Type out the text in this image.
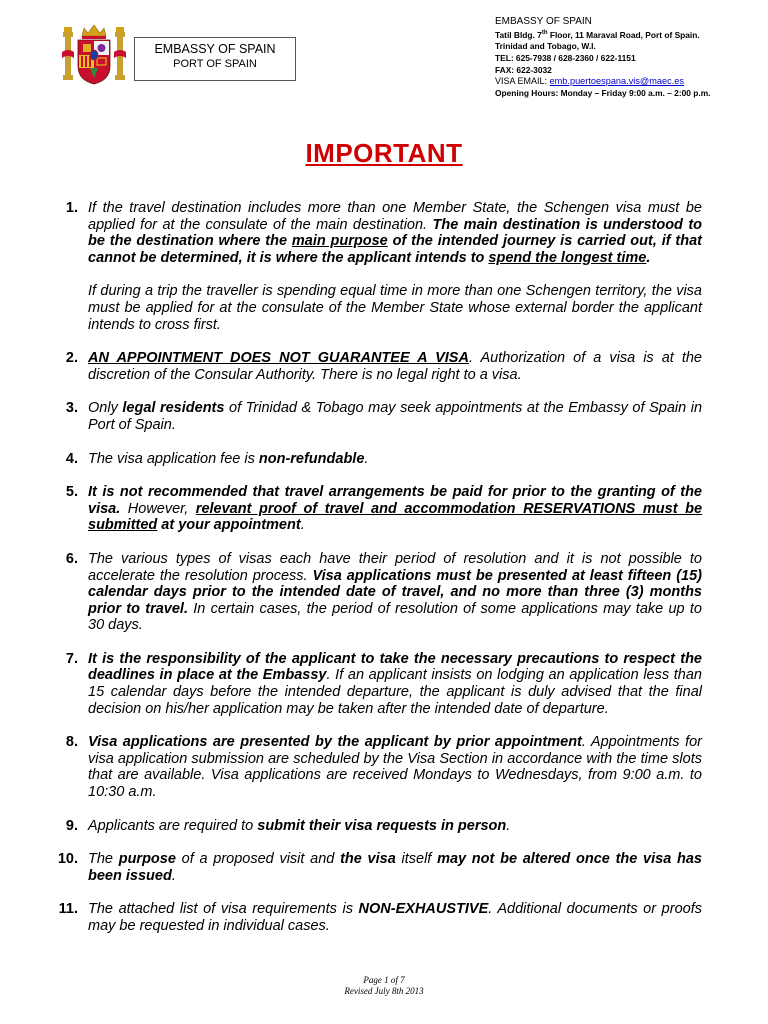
EMBASSY OF SPAIN
PORT OF SPAIN
EMBASSY OF SPAIN
Tatil Bldg. 7th Floor, 11 Maraval Road, Port of Spain.
Trinidad and Tobago, W.I.
TEL: 625-7938 / 628-2360 / 622-1151
FAX: 622-3032
VISA EMAIL: emb.puertoespana.vis@maec.es
Opening Hours: Monday – Friday 9:00 a.m. – 2:00 p.m.
IMPORTANT
1. If the travel destination includes more than one Member State, the Schengen visa must be applied for at the consulate of the main destination. The main destination is understood to be the destination where the main purpose of the intended journey is carried out, if that cannot be determined, it is where the applicant intends to spend the longest time.

If during a trip the traveller is spending equal time in more than one Schengen territory, the visa must be applied for at the consulate of the Member State whose external border the applicant intends to cross first.

2. AN APPOINTMENT DOES NOT GUARANTEE A VISA. Authorization of a visa is at the discretion of the Consular Authority. There is no legal right to a visa.

3. Only legal residents of Trinidad & Tobago may seek appointments at the Embassy of Spain in Port of Spain.

4. The visa application fee is non-refundable.

5. It is not recommended that travel arrangements be paid for prior to the granting of the visa. However, relevant proof of travel and accommodation RESERVATIONS must be submitted at your appointment.

6. The various types of visas each have their period of resolution and it is not possible to accelerate the resolution process. Visa applications must be presented at least fifteen (15) calendar days prior to the intended date of travel, and no more than three (3) months prior to travel. In certain cases, the period of resolution of some applications may take up to 30 days.

7. It is the responsibility of the applicant to take the necessary precautions to respect the deadlines in place at the Embassy. If an applicant insists on lodging an application less than 15 calendar days before the intended departure, the applicant is duly advised that the final decision on his/her application may be taken after the intended date of departure.

8. Visa applications are presented by the applicant by prior appointment. Appointments for visa application submission are scheduled by the Visa Section in accordance with the time slots that are available. Visa applications are received Mondays to Wednesdays, from 9:00 a.m. to 10:30 a.m.

9. Applicants are required to submit their visa requests in person.

10. The purpose of a proposed visit and the visa itself may not be altered once the visa has been issued.

11. The attached list of visa requirements is NON-EXHAUSTIVE. Additional documents or proofs may be requested in individual cases.

Page 1 of 7
Revised July 8th 2013
